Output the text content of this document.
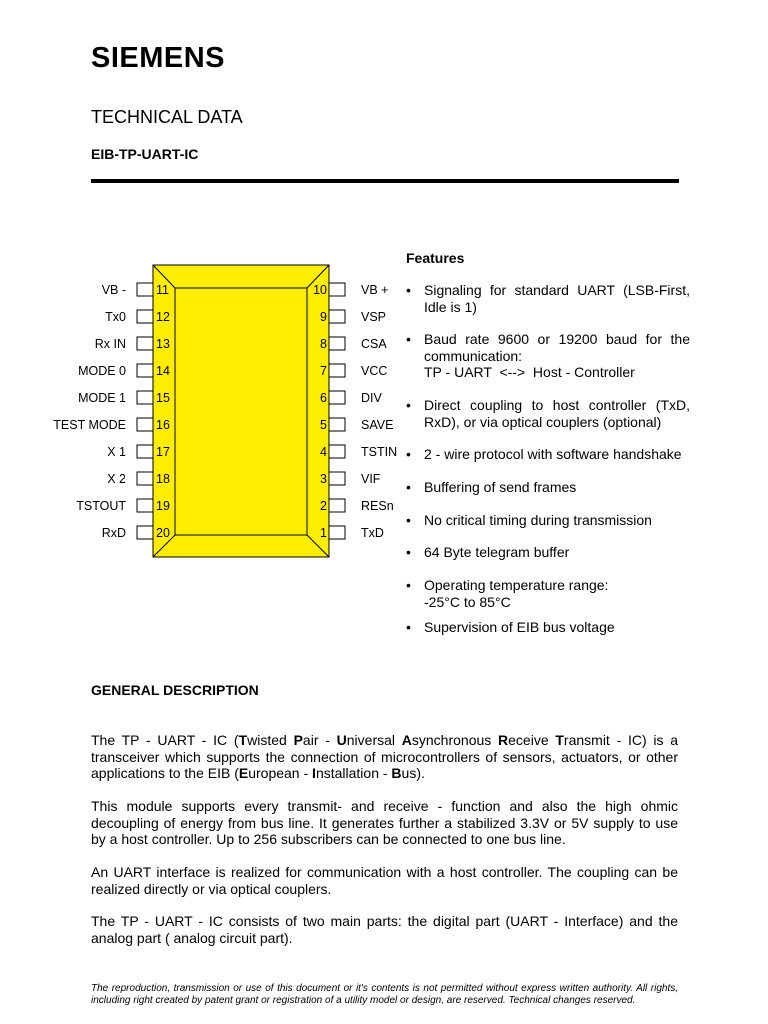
SIEMENS
TECHNICAL DATA
EIB-TP-UART-IC
VB - 11
Tx0 12
Rx IN 13
MODE 0 14
MODE 1 15
TEST MODE 16
X 1 17
X 2 18
TSTOUT 19
RxD 20
10	VB +
9	VSP
8	CSA
7	VCC
6	DIV
5	SAVE
4	TSTIN
3	VIF
2	RESn
1	TxD
Features
• Signaling for standard UART (LSB-First, Idle is 1)
• Baud rate 9600 or 19200 baud for the communication:
TP - UART  <-->  Host - Controller
• Direct coupling to host controller (TxD, RxD), or via optical couplers (optional)
• 2 - wire protocol with software handshake
• Buffering of send frames
• No critical timing during transmission
• 64 Byte telegram buffer
• Operating temperature range:
-25°C to 85°C
• Supervision of EIB bus voltage
GENERAL DESCRIPTION
The TP - UART - IC (Twisted Pair - Universal Asynchronous Receive Transmit - IC) is a transceiver which supports the connection of microcontrollers of sensors, actuators, or other applications to the EIB (European - Installation - Bus).
This module supports every transmit- and receive - function and also the high ohmic decoupling of energy from bus line. It generates further a stabilized 3.3V or 5V supply to use by a host controller. Up to 256 subscribers can be connected to one bus line.
An UART interface is realized for communication with a host controller. The coupling can be realized directly or via optical couplers.
The TP - UART - IC consists of two main parts: the digital part (UART - Interface) and the analog part ( analog circuit part).
The reproduction, transmission or use of this document or it's contents is not permitted without express written authority. All rights, including right created by patent grant or registration of a utility model or design, are reserved. Technical changes reserved.
